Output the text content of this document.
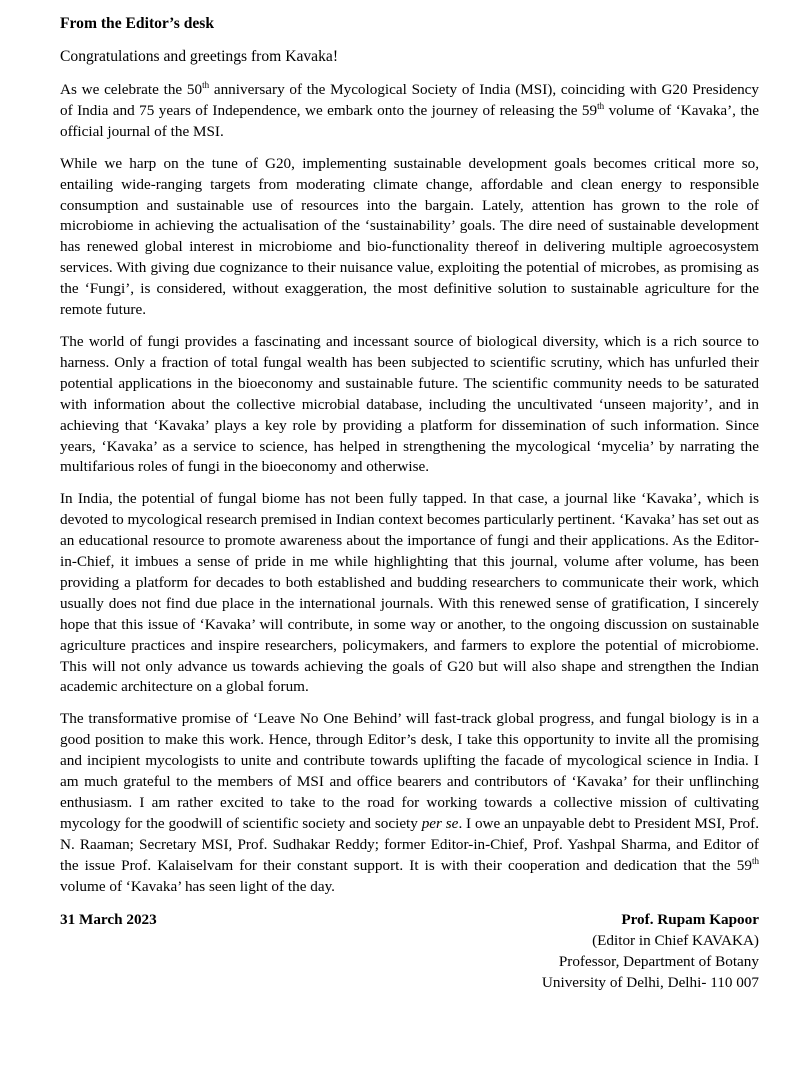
From the Editor’s desk
Congratulations and greetings from Kavaka!

As we celebrate the 50th anniversary of the Mycological Society of India (MSI), coinciding with G20 Presidency of India and 75 years of Independence, we embark onto the journey of releasing the 59th volume of ‘Kavaka’, the official journal of the MSI.

While we harp on the tune of G20, implementing sustainable development goals becomes critical more so, entailing wide-ranging targets from moderating climate change, affordable and clean energy to responsible consumption and sustainable use of resources into the bargain. Lately, attention has grown to the role of microbiome in achieving the actualisation of the ‘sustainability’ goals. The dire need of sustainable development has renewed global interest in microbiome and bio-functionality thereof in delivering multiple agroecosystem services. With giving due cognizance to their nuisance value, exploiting the potential of microbes, as promising as the ‘Fungi’, is considered, without exaggeration, the most definitive solution to sustainable agriculture for the remote future.

The world of fungi provides a fascinating and incessant source of biological diversity, which is a rich source to harness. Only a fraction of total fungal wealth has been subjected to scientific scrutiny, which has unfurled their potential applications in the bioeconomy and sustainable future. The scientific community needs to be saturated with information about the collective microbial database, including the uncultivated ‘unseen majority’, and in achieving that ‘Kavaka’ plays a key role by providing a platform for dissemination of such information. Since years, ‘Kavaka’ as a service to science, has helped in strengthening the mycological ‘mycelia’ by narrating the multifarious roles of fungi in the bioeconomy and otherwise.

In India, the potential of fungal biome has not been fully tapped. In that case, a journal like ‘Kavaka’, which is devoted to mycological research premised in Indian context becomes particularly pertinent. ‘Kavaka’ has set out as an educational resource to promote awareness about the importance of fungi and their applications. As the Editor-in-Chief, it imbues a sense of pride in me while highlighting that this journal, volume after volume, has been providing a platform for decades to both established and budding researchers to communicate their work, which usually does not find due place in the international journals. With this renewed sense of gratification, I sincerely hope that this issue of ‘Kavaka’ will contribute, in some way or another, to the ongoing discussion on sustainable agriculture practices and inspire researchers, policymakers, and farmers to explore the potential of microbiome. This will not only advance us towards achieving the goals of G20 but will also shape and strengthen the Indian academic architecture on a global forum.

The transformative promise of ‘Leave No One Behind’ will fast-track global progress, and fungal biology is in a good position to make this work. Hence, through Editor’s desk, I take this opportunity to invite all the promising and incipient mycologists to unite and contribute towards uplifting the facade of mycological science in India. I am much grateful to the members of MSI and office bearers and contributors of ‘Kavaka’ for their unflinching enthusiasm. I am rather excited to take to the road for working towards a collective mission of cultivating mycology for the goodwill of scientific society and society per se. I owe an unpayable debt to President MSI, Prof. N. Raaman; Secretary MSI, Prof. Sudhakar Reddy; former Editor-in-Chief, Prof. Yashpal Sharma, and Editor of the issue Prof. Kalaiselvam for their constant support. It is with their cooperation and dedication that the 59th volume of ‘Kavaka’ has seen light of the day.

31 March 2023	Prof. Rupam Kapoor
(Editor in Chief KAVAKA)
Professor, Department of Botany
University of Delhi, Delhi- 110 007
